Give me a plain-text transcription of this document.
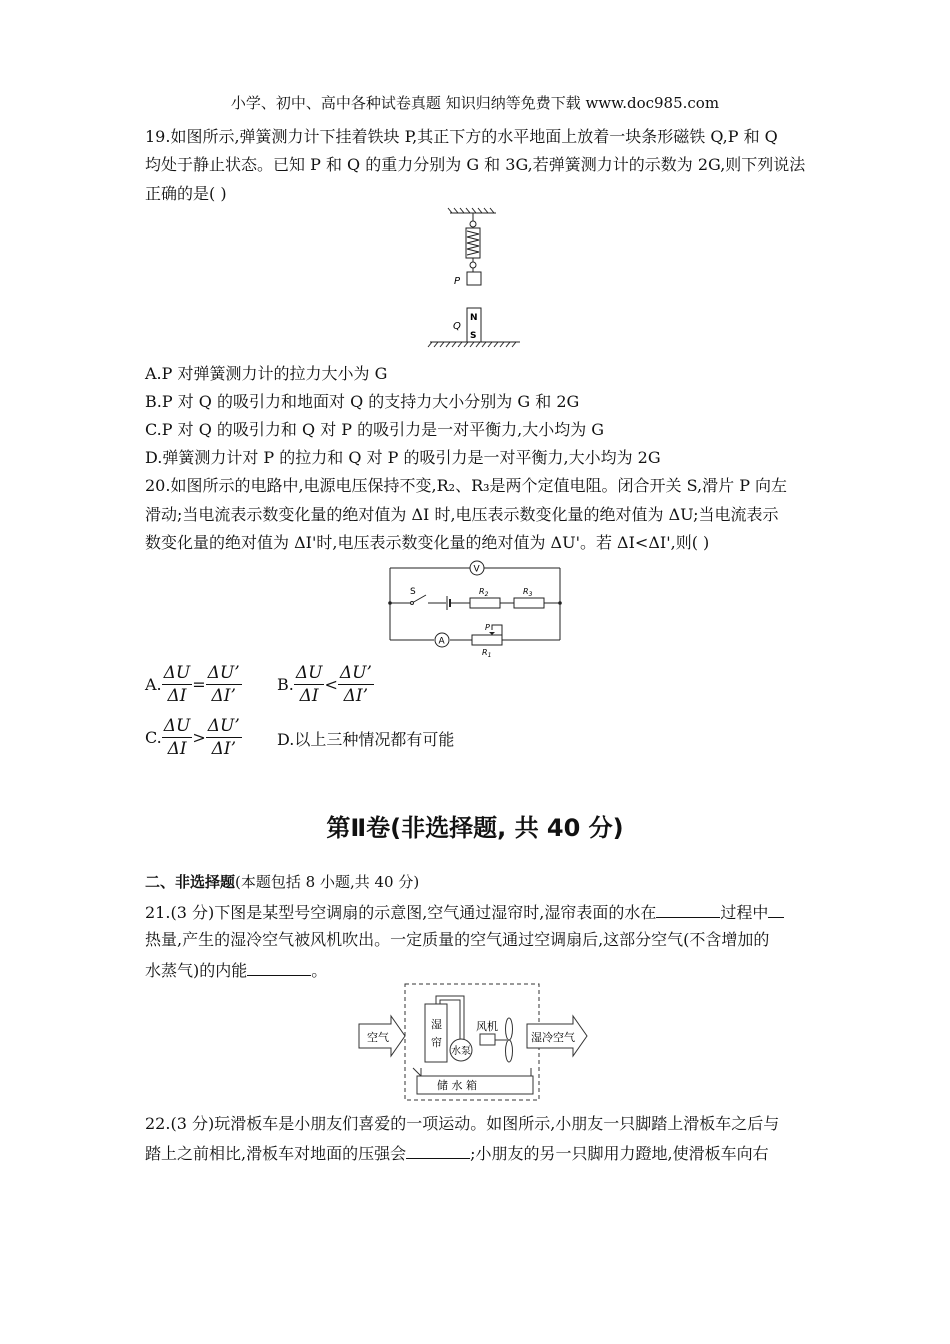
小学、初中、高中各种试卷真题 知识归纳等免费下载 www.doc985.com
19.如图所示,弹簧测力计下挂着铁块 P,其正下方的水平地面上放着一块条形磁铁 Q,P 和 Q
均处于静止状态。已知 P 和 Q 的重力分别为 G 和 3G,若弹簧测力计的示数为 2G,则下列说法
正确的是( )
P
N
S
Q
A.P 对弹簧测力计的拉力大小为 G
B.P 对 Q 的吸引力和地面对 Q 的支持力大小分别为 G 和 2G
C.P 对 Q 的吸引力和 Q 对 P 的吸引力是一对平衡力,大小均为 G
D.弹簧测力计对 P 的拉力和 Q 对 P 的吸引力是一对平衡力,大小均为 2G
20.如图所示的电路中,电源电压保持不变,R₂、R₃是两个定值电阻。闭合开关 S,滑片 P 向左
滑动;当电流表示数变化量的绝对值为 ΔI 时,电压表示数变化量的绝对值为 ΔU;当电流表示
数变化量的绝对值为 ΔI'时,电压表示数变化量的绝对值为 ΔU'。若 ΔI<ΔI',则( )
V
A
S	$R_2$	$R_3$
$R_1$
P
A. $\frac{\Delta U}{\Delta I} = \frac{\Delta U’}{\Delta I’} B$. $\frac{\Delta U}{\Delta I} < \frac{\Delta U’}{\Delta I’}$
C. $\frac{\Delta U}{\Delta I} > \frac{\Delta U’}{\Delta I’} D$.以上三种情况都有可能
第Ⅱ卷(非选择题, 共 40 分)
二、非选择题(本题包括 8 小题,共 40 分)
21.(3 分)下图是某型号空调扇的示意图,空气通过湿帘时,湿帘表面的水在	过程中
热量,产生的湿冷空气被风机吹出。一定质量的空气通过空调扇后,这部分空气(不含增加的
水蒸气)的内能	。
空气
湿
帘
水泵
风机
湿冷空气
储 水 箱
22.(3 分)玩滑板车是小朋友们喜爱的一项运动。如图所示,小朋友一只脚踏上滑板车之后与
踏上之前相比,滑板车对地面的压强会	;小朋友的另一只脚用力蹬地,使滑板车向右
